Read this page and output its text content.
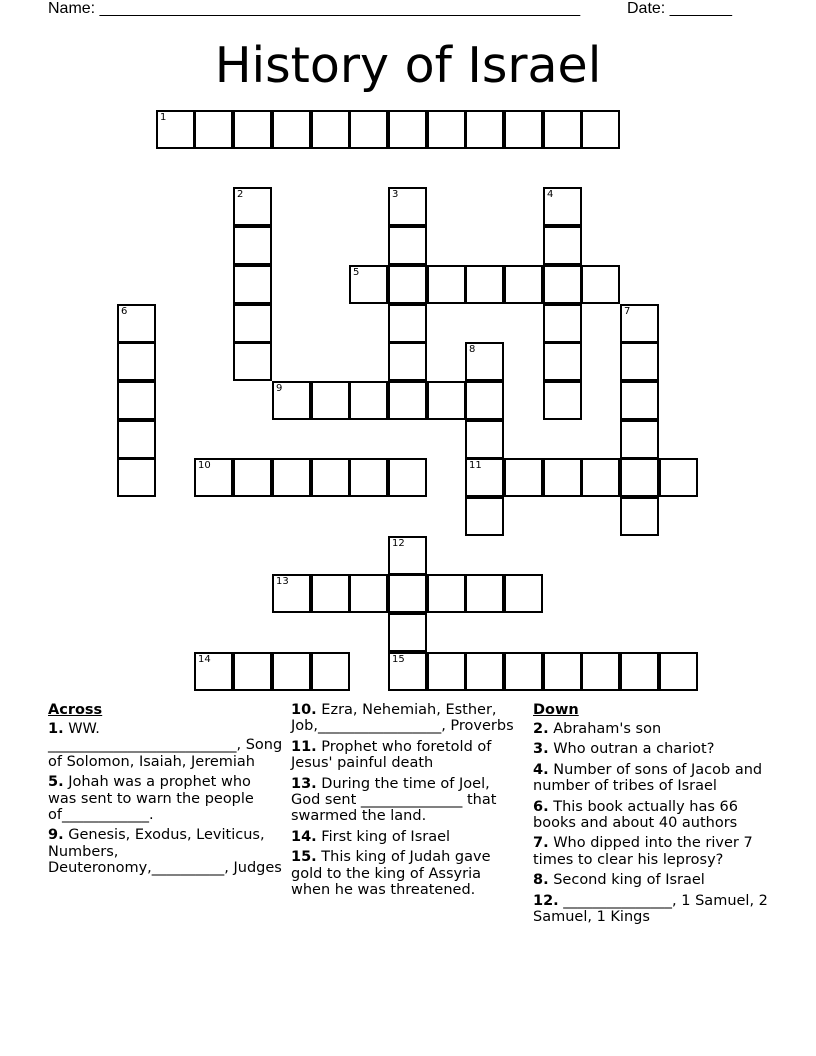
Name: ______________________________________________________	Date: _______
History of Israel
1
2	3	4
5
6	7
8
9
10	11
12
13
14	15
Across
1. WW. __________________________, Song of Solomon, Isaiah, Jeremiah
5. Johah was a prophet who was sent to warn the people of____________.
9. Genesis, Exodus, Leviticus, Numbers, Deuteronomy,__________, Judges
10. Ezra, Nehemiah, Esther, Job,_________________, Proverbs
11. Prophet who foretold of Jesus' painful death
13. During the time of Joel, God sent ______________ that swarmed the land.
14. First king of Israel
15. This king of Judah gave gold to the king of Assyria when he was threatened.
Down
2. Abraham's son
3. Who outran a chariot?
4. Number of sons of Jacob and number of tribes of Israel
6. This book actually has 66 books and about 40 authors
7. Who dipped into the river 7 times to clear his leprosy?
8. Second king of Israel
12. _______________, 1 Samuel, 2 Samuel, 1 Kings
